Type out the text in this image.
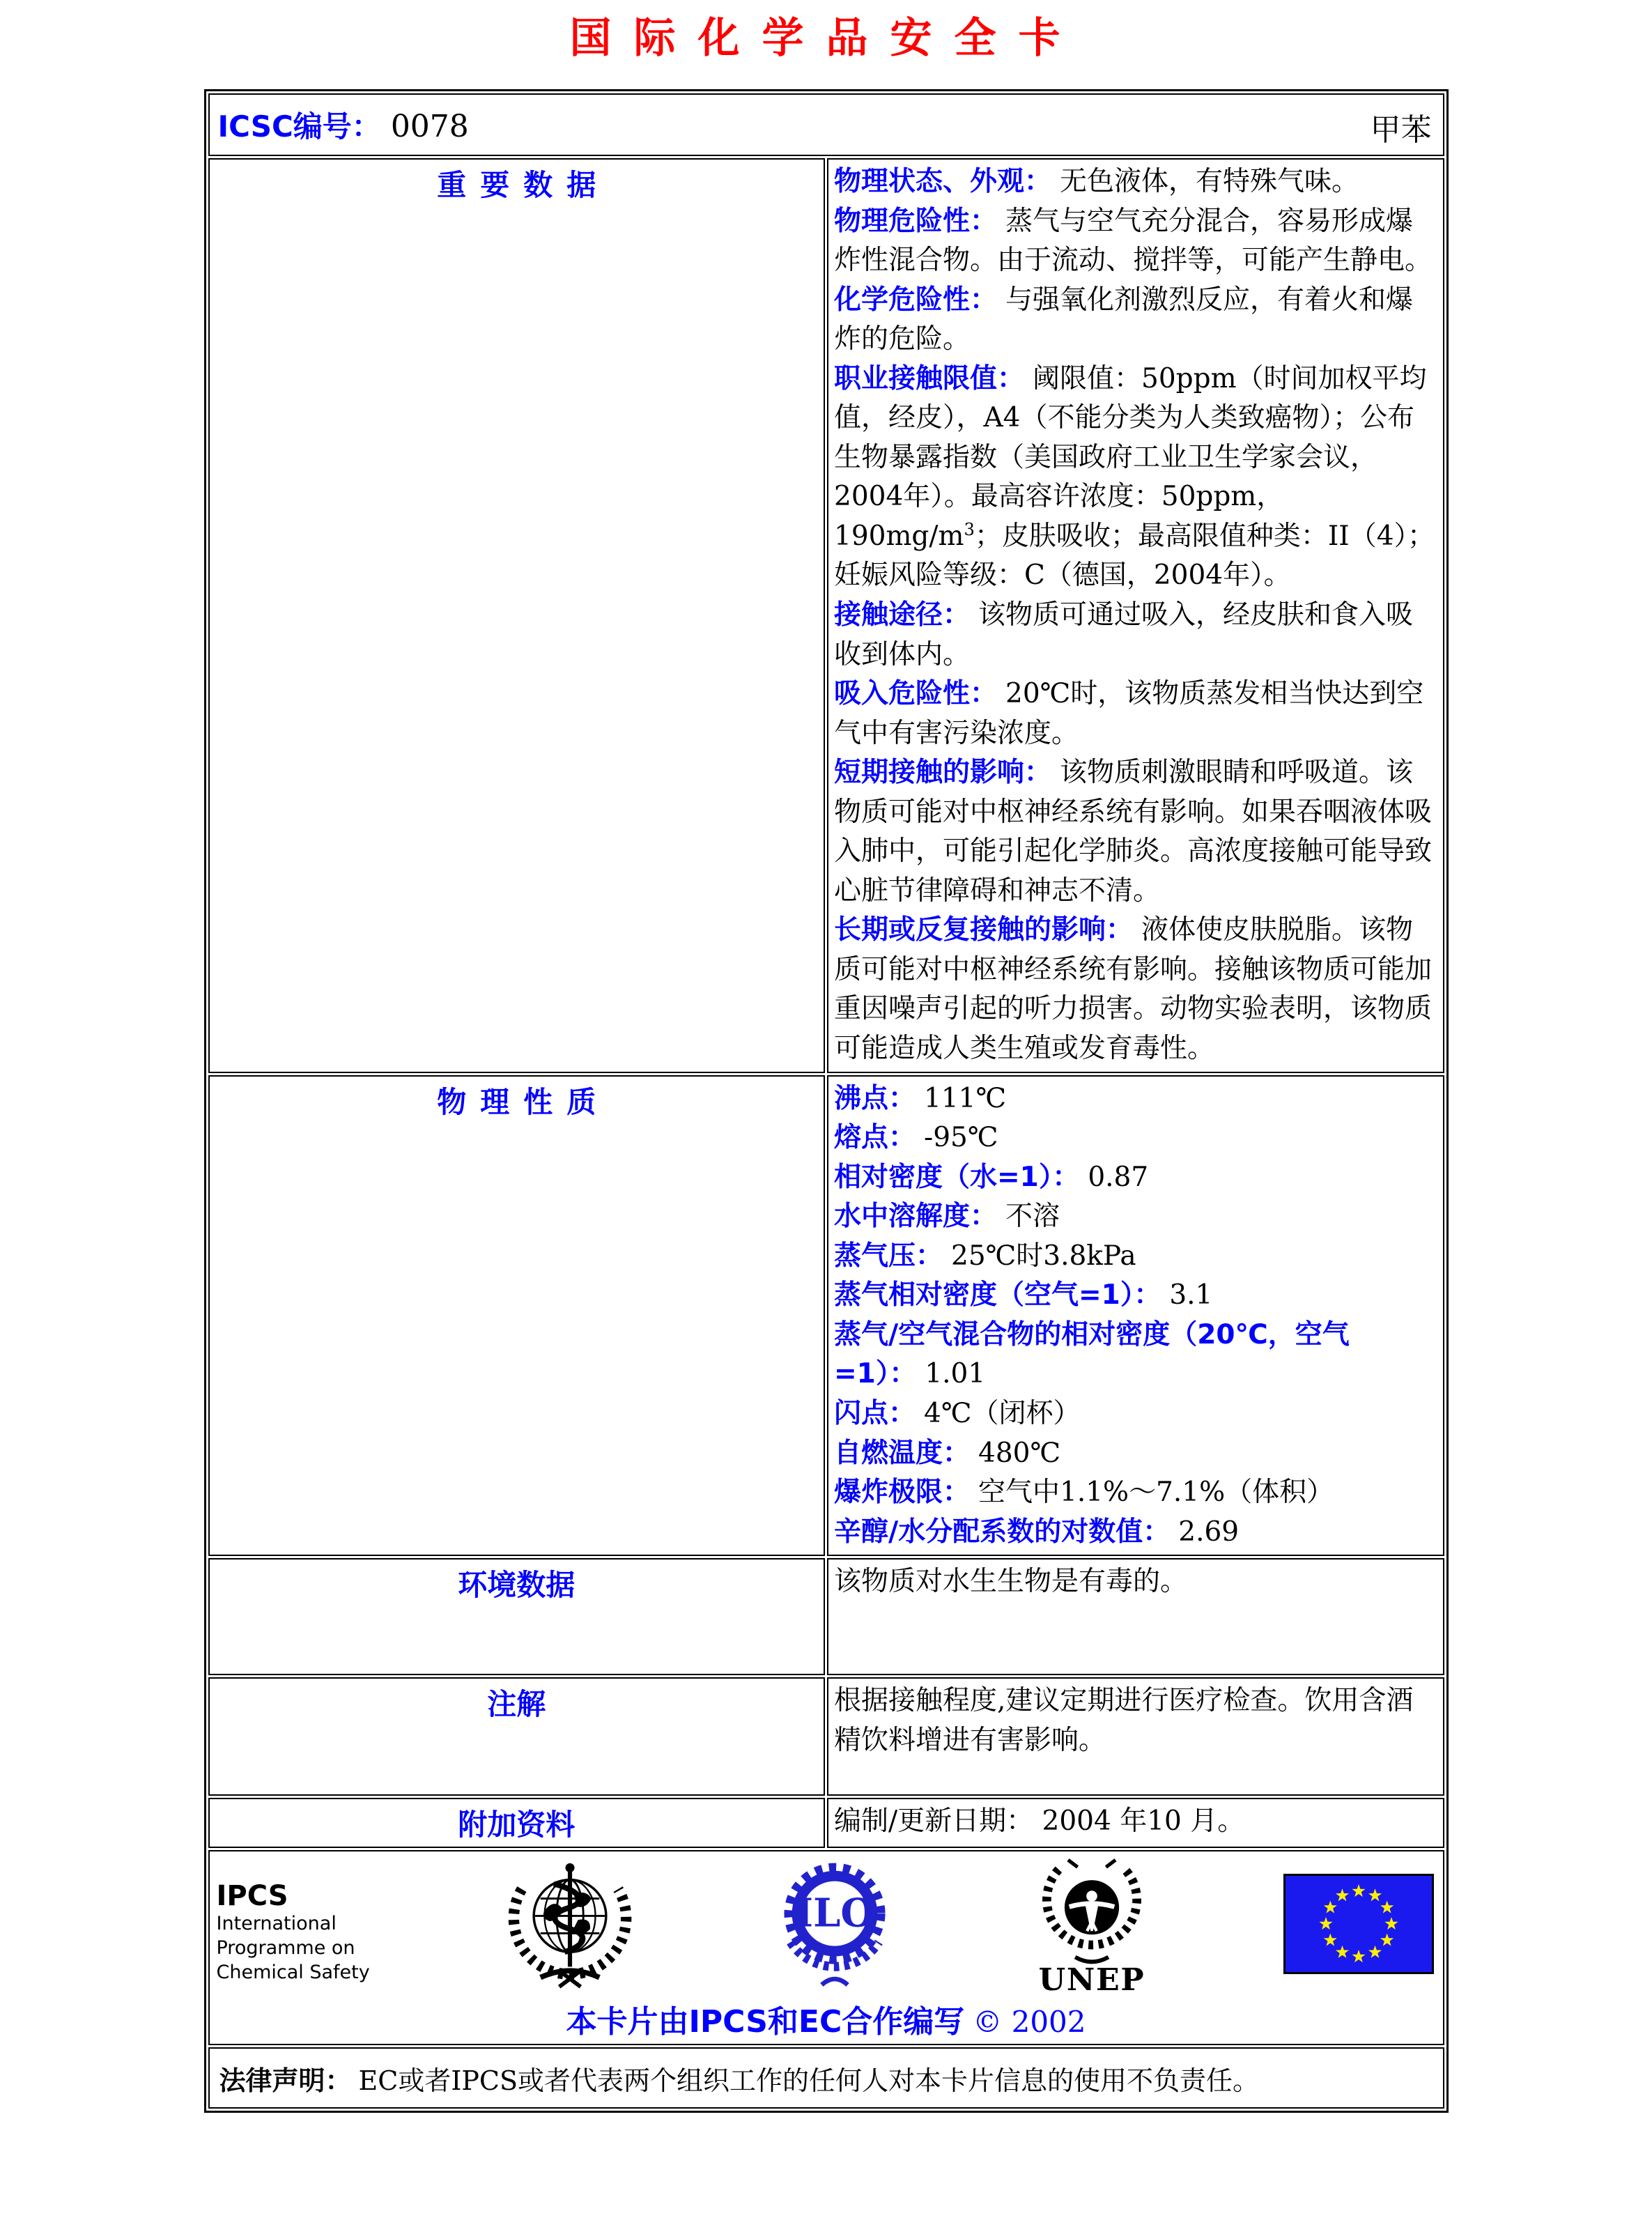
国际化学品安全卡
ICSC编号： 0078 甲苯	

重要数据	物理状态、外观： 无色液体，有特殊气味。

物理危险性： 蒸气与空气充分混合，容易形成爆炸性混合物。由于流动、搅拌等，可能产生静电。

化学危险性： 与强氧化剂激烈反应，有着火和爆炸的危险。

职业接触限值： 阈限值：50ppm（时间加权平均值，经皮），A4（不能分类为人类致癌物）；公布生物暴露指数（美国政府工业卫生学家会议，2004年）。最高容许浓度：50ppm，$190mg/m^3$；皮肤吸收；最高限值种类：II（4）；妊娠风险等级：C（德国，2004年）。

接触途径： 该物质可通过吸入，经皮肤和食入吸收到体内。

吸入危险性： 20℃时，该物质蒸发相当快达到空气中有害污染浓度。

短期接触的影响： 该物质刺激眼睛和呼吸道。该物质可能对中枢神经系统有影响。如果吞咽液体吸入肺中，可能引起化学肺炎。高浓度接触可能导致心脏节律障碍和神志不清。

长期或反复接触的影响： 液体使皮肤脱脂。该物质可能对中枢神经系统有影响。接触该物质可能加重因噪声引起的听力损害。动物实验表明，该物质可能造成人类生殖或发育毒性。

物理性质	沸点： 111℃

熔点： -95℃

相对密度（水=1）： 0.87

水中溶解度： 不溶

蒸气压： 25℃时3.8kPa

蒸气相对密度（空气=1）： 3.1

蒸气/空气混合物的相对密度（20℃，空气=1）： 1.01

闪点： 4℃（闭杯）

自燃温度： 480℃

爆炸极限： 空气中1.1%～7.1%（体积）

辛醇/水分配系数的对数值： 2.69

环境数据	该物质对水生生物是有毒的。

注解	根据接触程度,建议定期进行医疗检查。饮用含酒精饮料增进有害影响。

附加资料	编制/更新日期： 2004 年10 月。

IPCS
International
Programme on
Chemical Safety
ILO
UNEP
本卡片由IPCS和EC合作编写 © 2002

法律声明： EC或者IPCS或者代表两个组织工作的任何人对本卡片信息的使用不负责任。	
